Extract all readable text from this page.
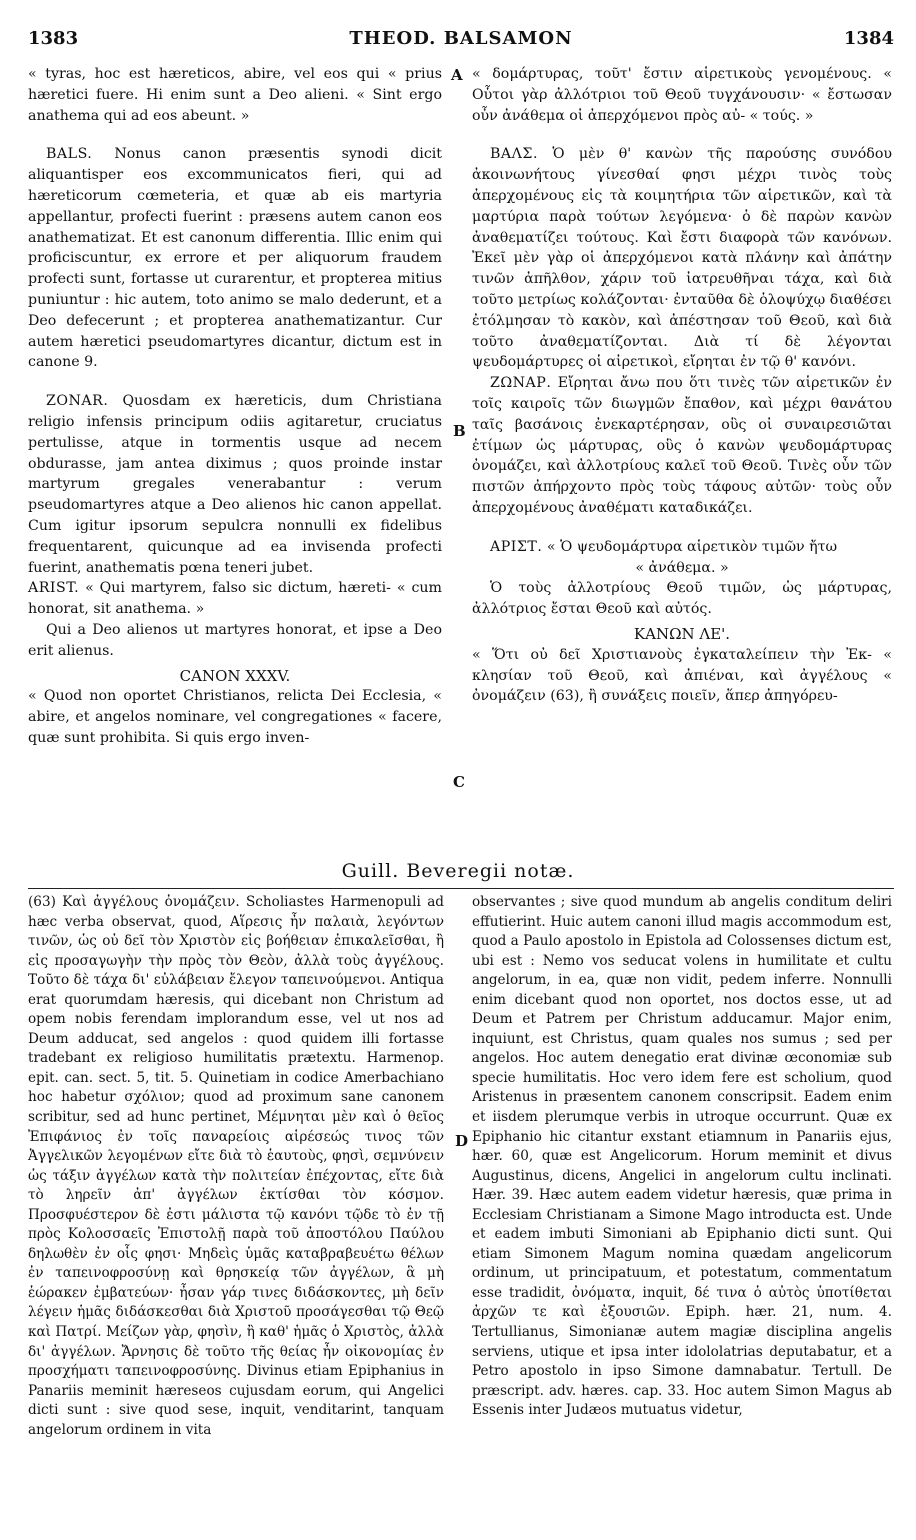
1383	THEOD. BALSAMON	1384
A
B
C
D

« tyras, hoc est hæreticos, abire, vel eos qui « prius hæretici fuere. Hi enim sunt a Deo alieni. « Sint ergo anathema qui ad eos abeunt. »

BALS. Nonus canon præsentis synodi dicit aliquantisper eos excommunicatos fieri, qui ad hæreticorum cœmeteria, et quæ ab eis martyria appellantur, profecti fuerint : præsens autem canon eos anathematizat. Et est canonum differentia. Illic enim qui proficiscuntur, ex errore et per aliquorum fraudem profecti sunt, fortasse ut curarentur, et propterea mitius puniuntur : hic autem, toto animo se malo dederunt, et a Deo defecerunt ; et propterea anathematizantur. Cur autem hæretici pseudomartyres dicantur, dictum est in canone 9.

ZONAR. Quosdam ex hæreticis, dum Christiana religio infensis principum odiis agitaretur, cruciatus pertulisse, atque in tormentis usque ad necem obdurasse, jam antea diximus ; quos proinde instar martyrum gregales venerabantur : verum pseudomartyres atque a Deo alienos hic canon appellat. Cum igitur ipsorum sepulcra nonnulli ex fidelibus frequentarent, quicunque ad ea invisenda profecti fuerint, anathematis pœna teneri jubet.

ARIST. « Qui martyrem, falso sic dictum, hæreti- « cum honorat, sit anathema. »

Qui a Deo alienos ut martyres honorat, et ipse a Deo erit alienus.

CANON XXXV.

« Quod non oportet Christianos, relicta Dei Ecclesia, « abire, et angelos nominare, vel congregationes « facere, quæ sunt prohibita. Si quis ergo inven-

« δομάρτυρας, τοῦτ' ἔστιν αἱρετικοὺς γενομένους. « Οὗτοι γὰρ ἀλλότριοι τοῦ Θεοῦ τυγχάνουσιν· « ἔστωσαν οὖν ἀνάθεμα οἱ ἀπερχόμενοι πρὸς αὐ- « τούς. »

ΒΑΛΣ. Ὁ μὲν θ' κανὼν τῆς παρούσης συνόδου ἀκοινωνήτους γίνεσθαί φησι μέχρι τινὸς τοὺς ἀπερχομένους εἰς τὰ κοιμητήρια τῶν αἱρετικῶν, καὶ τὰ μαρτύρια παρὰ τούτων λεγόμενα· ὁ δὲ παρὼν κανὼν ἀναθεματίζει τούτους. Καὶ ἔστι διαφορὰ τῶν κανόνων. Ἐκεῖ μὲν γὰρ οἱ ἀπερχόμενοι κατὰ πλάνην καὶ ἀπάτην τινῶν ἀπῆλθον, χάριν τοῦ ἰατρευθῆναι τάχα, καὶ διὰ τοῦτο μετρίως κολάζονται· ἐνταῦθα δὲ ὁλοψύχῳ διαθέσει ἐτόλμησαν τὸ κακὸν, καὶ ἀπέστησαν τοῦ Θεοῦ, καὶ διὰ τοῦτο ἀναθεματίζονται. Διὰ τί δὲ λέγονται ψευδομάρτυρες οἱ αἱρετικοὶ, εἴρηται ἐν τῷ θ' κανόνι.

ΖΩΝΑΡ. Εἴρηται ἄνω που ὅτι τινὲς τῶν αἱρετικῶν ἐν τοῖς καιροῖς τῶν διωγμῶν ἔπαθον, καὶ μέχρι θανάτου ταῖς βασάνοις ἐνεκαρτέρησαν, οὓς οἱ συναιρεσιῶται ἐτίμων ὡς μάρτυρας, οὓς ὁ κανὼν ψευδομάρτυρας ὀνομάζει, καὶ ἀλλοτρίους καλεῖ τοῦ Θεοῦ. Τινὲς οὖν τῶν πιστῶν ἀπήρχοντο πρὸς τοὺς τάφους αὐτῶν· τοὺς οὖν ἀπερχομένους ἀναθέματι καταδικάζει.

ΑΡΙΣΤ. « Ὁ ψευδομάρτυρα αἱρετικὸν τιμῶν ἤτω

« ἀνάθεμα. »

Ὁ τοὺς ἀλλοτρίους Θεοῦ τιμῶν, ὡς μάρτυρας, ἀλλότριος ἔσται Θεοῦ καὶ αὐτός.

ΚΑΝΩΝ ΛΕ'.

« Ὅτι οὐ δεῖ Χριστιανοὺς ἐγκαταλείπειν τὴν Ἐκ- « κλησίαν τοῦ Θεοῦ, καὶ ἀπιέναι, καὶ ἀγγέλους « ὀνομάζειν (63), ἢ συνάξεις ποιεῖν, ἅπερ ἀπηγόρευ-

Guill. Beveregii notæ.

(63) Καὶ ἀγγέλους ὀνομάζειν. Scholiastes Harmenopuli ad hæc verba observat, quod, Αἵρεσις ἦν παλαιὰ, λεγόντων τινῶν, ὡς οὐ δεῖ τὸν Χριστὸν εἰς βοήθειαν ἐπικαλεῖσθαι, ἢ εἰς προσαγωγὴν τὴν πρὸς τὸν Θεὸν, ἀλλὰ τοὺς ἀγγέλους. Τοῦτο δὲ τάχα δι' εὐλάβειαν ἔλεγον ταπεινούμενοι. Antiqua erat quorumdam hæresis, qui dicebant non Christum ad opem nobis ferendam implorandum esse, vel ut nos ad Deum adducat, sed angelos : quod quidem illi fortasse tradebant ex religioso humilitatis prætextu. Harmenop. epit. can. sect. 5, tit. 5. Quinetiam in codice Amerbachiano hoc habetur σχόλιον; quod ad proximum sane canonem scribitur, sed ad hunc pertinet, Μέμνηται μὲν καὶ ὁ θεῖος Ἐπιφάνιος ἐν τοῖς παναρείοις αἱρέσεώς τινος τῶν Ἀγγελικῶν λεγομένων εἴτε διὰ τὸ ἑαυτοὺς, φησὶ, σεμνύνειν ὡς τάξιν ἀγγέλων κατὰ τὴν πολιτείαν ἐπέχοντας, εἴτε διὰ τὸ ληρεῖν ἀπ' ἀγγέλων ἐκτίσθαι τὸν κόσμον. Προσφυέστερον δὲ ἐστι μάλιστα τῷ κανόνι τῷδε τὸ ἐν τῇ πρὸς Κολοσσαεῖς Ἐπιστολῇ παρὰ τοῦ ἀποστόλου Παύλου δηλωθὲν ἐν οἷς φησι· Μηδεὶς ὑμᾶς καταβραβευέτω θέλων ἐν ταπεινοφροσύνῃ καὶ θρησκείᾳ τῶν ἀγγέλων, ἃ μὴ ἑώρακεν ἐμβατεύων· ἦσαν γάρ τινες διδάσκοντες, μὴ δεῖν λέγειν ἡμᾶς διδάσκεσθαι διὰ Χριστοῦ προσάγεσθαι τῷ Θεῷ καὶ Πατρί. Μείζων γὰρ, φησὶν, ἢ καθ' ἡμᾶς ὁ Χριστὸς, ἀλλὰ δι' ἀγγέλων. Ἄρνησις δὲ τοῦτο τῆς θείας ἦν οἰκονομίας ἐν προσχήματι ταπεινοφροσύνης. Divinus etiam Epiphanius in Panariis meminit hæreseos cujusdam eorum, qui Angelici dicti sunt : sive quod sese, inquit, venditarint, tanquam angelorum ordinem in vita

observantes ; sive quod mundum ab angelis conditum deliri effutierint. Huic autem canoni illud magis accommodum est, quod a Paulo apostolo in Epistola ad Colossenses dictum est, ubi est : Nemo vos seducat volens in humilitate et cultu angelorum, in ea, quæ non vidit, pedem inferre. Nonnulli enim dicebant quod non oportet, nos doctos esse, ut ad Deum et Patrem per Christum adducamur. Major enim, inquiunt, est Christus, quam quales nos sumus ; sed per angelos. Hoc autem denegatio erat divinæ œconomiæ sub specie humilitatis. Hoc vero idem fere est scholium, quod Aristenus in præsentem canonem conscripsit. Eadem enim et iisdem plerumque verbis in utroque occurrunt. Quæ ex Epiphanio hic citantur exstant etiamnum in Panariis ejus, hær. 60, quæ est Angelicorum. Horum meminit et divus Augustinus, dicens, Angelici in angelorum cultu inclinati. Hær. 39. Hæc autem eadem videtur hæresis, quæ prima in Ecclesiam Christianam a Simone Mago introducta est. Unde et eadem imbuti Simoniani ab Epiphanio dicti sunt. Qui etiam Simonem Magum nomina quædam angelicorum ordinum, ut principatuum, et potestatum, commentatum esse tradidit, ὀνόματα, inquit, δέ τινα ὁ αὐτὸς ὑποτίθεται ἀρχῶν τε καὶ ἐξουσιῶν. Epiph. hær. 21, num. 4. Tertullianus, Simonianæ autem magiæ disciplina angelis serviens, utique et ipsa inter idololatrias deputabatur, et a Petro apostolo in ipso Simone damnabatur. Tertull. De præscript. adv. hæres. cap. 33. Hoc autem Simon Magus ab Essenis inter Judæos mutuatus videtur,
